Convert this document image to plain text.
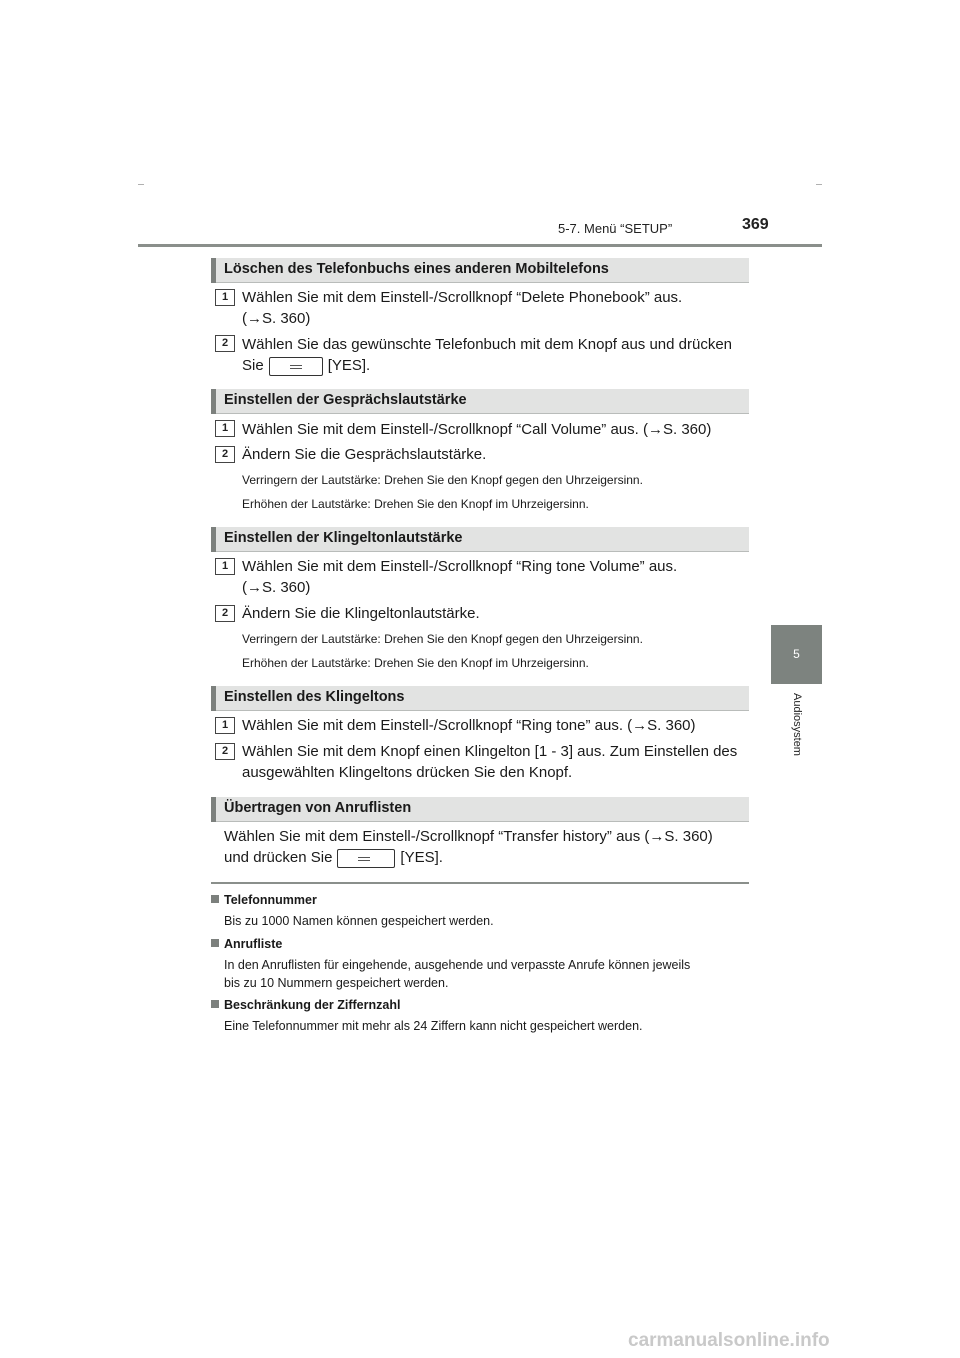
5-7. Menü “SETUP”	369
5
Audiosystem
Löschen des Telefonbuchs eines anderen Mobiltelefons
1 Wählen Sie mit dem Einstell-/Scrollknopf “Delete Phonebook” aus.
(→S. 360)
2 Wählen Sie das gewünschte Telefonbuch mit dem Knopf aus und drücken
Sie	[YES].
Einstellen der Gesprächslautstärke
1 Wählen Sie mit dem Einstell-/Scrollknopf “Call Volume” aus. (→S. 360)
2 Ändern Sie die Gesprächslautstärke.
Verringern der Lautstärke: Drehen Sie den Knopf gegen den Uhrzeigersinn.
Erhöhen der Lautstärke: Drehen Sie den Knopf im Uhrzeigersinn.
Einstellen der Klingeltonlautstärke
1 Wählen Sie mit dem Einstell-/Scrollknopf “Ring tone Volume” aus.
(→S. 360)
2 Ändern Sie die Klingeltonlautstärke.
Verringern der Lautstärke: Drehen Sie den Knopf gegen den Uhrzeigersinn.
Erhöhen der Lautstärke: Drehen Sie den Knopf im Uhrzeigersinn.
Einstellen des Klingeltons
1 Wählen Sie mit dem Einstell-/Scrollknopf “Ring tone” aus. (→S. 360)
2 Wählen Sie mit dem Knopf einen Klingelton [1 - 3] aus. Zum Einstellen des
ausgewählten Klingeltons drücken Sie den Knopf.
Übertragen von Anruflisten
Wählen Sie mit dem Einstell-/Scrollknopf “Transfer history” aus (→S. 360)
und drücken Sie	[YES].
Telefonnummer
Bis zu 1000 Namen können gespeichert werden.
Anrufliste
In den Anruflisten für eingehende, ausgehende und verpasste Anrufe können jeweils
bis zu 10 Nummern gespeichert werden.
Beschränkung der Ziffernzahl
Eine Telefonnummer mit mehr als 24 Ziffern kann nicht gespeichert werden.
carmanualsonline.info
